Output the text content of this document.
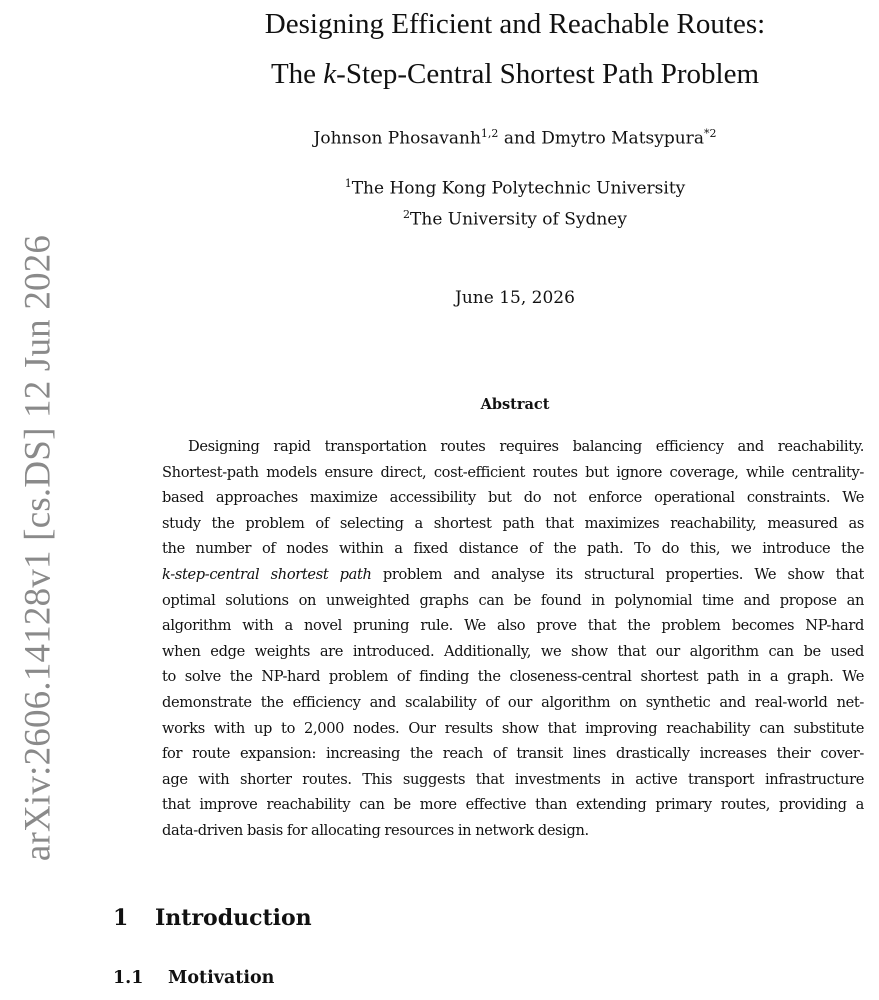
arXiv:2606.14128v1 [cs.DS] 12 Jun 2026
Designing Efficient and Reachable Routes:
The k-Step-Central Shortest Path Problem
Johnson Phosavanh$^{1,2}$ and Dmytro Matsypura$^{*2}$
$^1$The Hong Kong Polytechnic University
$^2$The University of Sydney
June 15, 2026
Abstract
Designing rapid transportation routes requires balancing efficiency and reachability.
Shortest-path models ensure direct, cost-efficient routes but ignore coverage, while centrality-
based approaches maximize accessibility but do not enforce operational constraints. We
study the problem of selecting a shortest path that maximizes reachability, measured as
the number of nodes within a fixed distance of the path. To do this, we introduce the
k-step-central shortest path problem and analyse its structural properties. We show that
optimal solutions on unweighted graphs can be found in polynomial time and propose an
algorithm with a novel pruning rule. We also prove that the problem becomes NP-hard
when edge weights are introduced. Additionally, we show that our algorithm can be used
to solve the NP-hard problem of finding the closeness-central shortest path in a graph. We
demonstrate the efficiency and scalability of our algorithm on synthetic and real-world net-
works with up to 2,000 nodes. Our results show that improving reachability can substitute
for route expansion: increasing the reach of transit lines drastically increases their cover-
age with shorter routes. This suggests that investments in active transport infrastructure
that improve reachability can be more effective than extending primary routes, providing a
data-driven basis for allocating resources in network design.
1 Introduction
1.1 Motivation
